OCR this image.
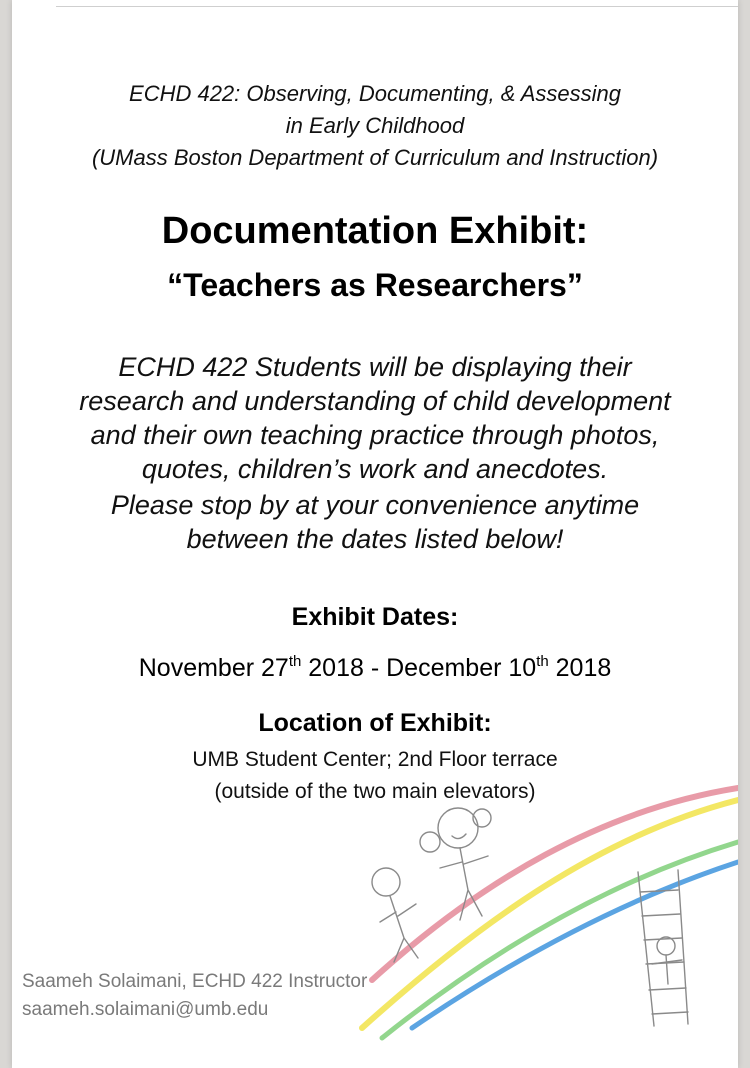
ECHD 422: Observing, Documenting, & Assessing
in Early Childhood
(UMass Boston Department of Curriculum and Instruction)
Documentation Exhibit:
“Teachers as Researchers”
ECHD 422 Students will be displaying their
research and understanding of child development
and their own teaching practice through photos,
quotes, children’s work and anecdotes.
Please stop by at your convenience anytime
between the dates listed below!
Exhibit Dates:
November 27th 2018 - December 10th 2018
Location of Exhibit:
UMB Student Center; 2nd Floor terrace
(outside of the two main elevators)
Saameh Solaimani, ECHD 422 Instructor
saameh.solaimani@umb.edu
